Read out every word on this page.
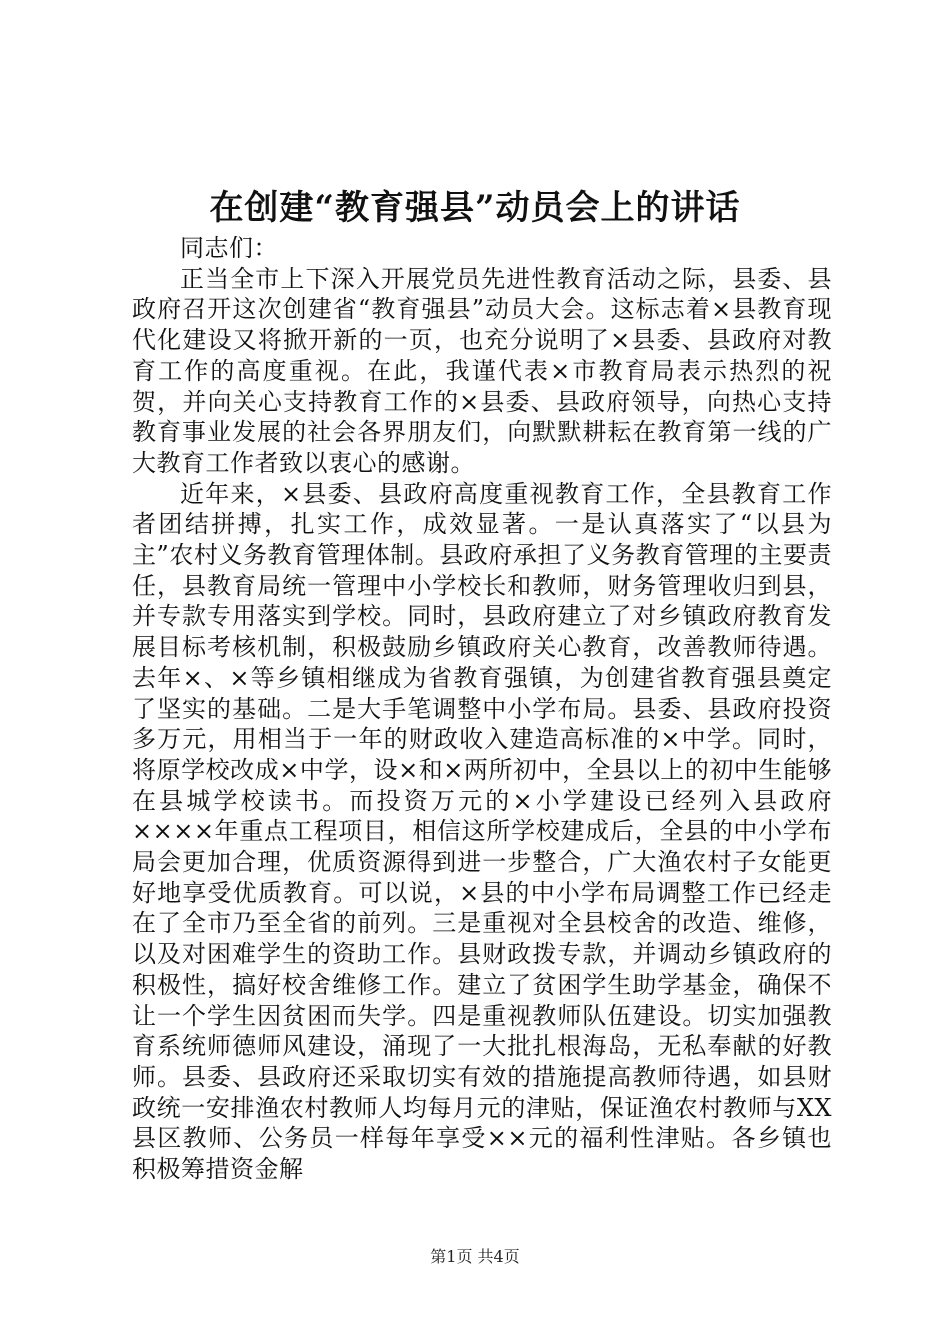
在创建“教育强县”动员会上的讲话

同志们：

正当全市上下深入开展党员先进性教育活动之际，县委、县政府召开这次创建省“教育强县”动员大会。这标志着×县教育现代化建设又将掀开新的一页，也充分说明了×县委、县政府对教育工作的高度重视。在此，我谨代表×市教育局表示热烈的祝贺，并向关心支持教育工作的×县委、县政府领导，向热心支持教育事业发展的社会各界朋友们，向默默耕耘在教育第一线的广大教育工作者致以衷心的感谢。

近年来，×县委、县政府高度重视教育工作，全县教育工作者团结拼搏，扎实工作，成效显著。一是认真落实了“以县为主”农村义务教育管理体制。县政府承担了义务教育管理的主要责任，县教育局统一管理中小学校长和教师，财务管理收归到县，并专款专用落实到学校。同时，县政府建立了对乡镇政府教育发展目标考核机制，积极鼓励乡镇政府关心教育，改善教师待遇。去年×、×等乡镇相继成为省教育强镇，为创建省教育强县奠定了坚实的基础。二是大手笔调整中小学布局。县委、县政府投资多万元，用相当于一年的财政收入建造高标准的×中学。同时，将原学校改成×中学，设×和×两所初中，全县以上的初中生能够在县城学校读书。而投资万元的×小学建设已经列入县政府××××年重点工程项目，相信这所学校建成后，全县的中小学布局会更加合理，优质资源得到进一步整合，广大渔农村子女能更好地享受优质教育。可以说，×县的中小学布局调整工作已经走在了全市乃至全省的前列。三是重视对全县校舍的改造、维修，以及对困难学生的资助工作。县财政拨专款，并调动乡镇政府的积极性，搞好校舍维修工作。建立了贫困学生助学基金，确保不让一个学生因贫困而失学。四是重视教师队伍建设。切实加强教育系统师德师风建设，涌现了一大批扎根海岛，无私奉献的好教师。县委、县政府还采取切实有效的措施提高教师待遇，如县财政统一安排渔农村教师人均每月元的津贴，保证渔农村教师与XX县区教师、公务员一样每年享受××元的福利性津贴。各乡镇也积极筹措资金解

第1页 共4页
